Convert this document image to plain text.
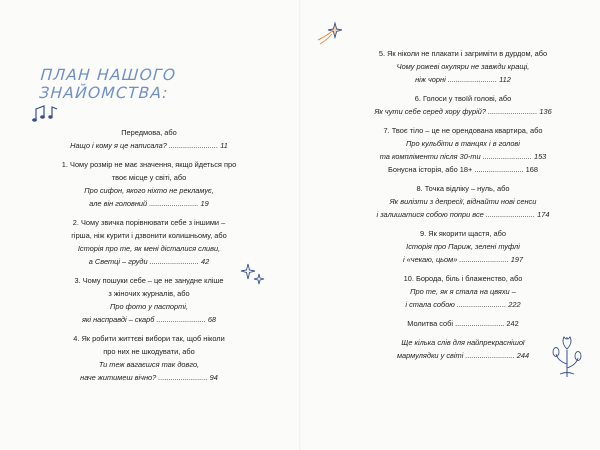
ПЛАН НАШОГО ЗНАЙОМСТВА:
Передмова, або
Нащо і кому я це написала? ........................ 11
1. Чому розмір не має значення, якщо йдеться про
твоє місце у світі, або
Про сифон, якого ніхто не рекламує,
але він головний ........................ 19
2. Чому звичка порівнювати себе з іншими –
гірша, ніж курити і дзвонити колишньому, або
Історія про те, як мені дісталися сливи,
а Светці – груди ........................ 42
3. Чому пошуки себе – це не занудне кліше
з жіночих журналів, або
Про фото у паспорті,
які насправді – скарб ........................ 68
4. Як робити життєві вибори так, щоб ніколи
про них не шкодувати, або
Ти теж вагаєшся так довго,
наче житимеш вічно? ........................ 94
5. Як ніколи не плакати і загриміти в дурдом, або
Чому рожеві окуляри не завжди кращі,
ніж чорні ........................ 112
6. Голоси у твоїй голові, або
Як чути себе серед хору фурій? ........................ 136
7. Твоє тіло – це не орендована квартира, або
Про кульбіти в танцях і в голові
та компліменти після 30-ти ........................ 153
Бонусна історія, або 18+ ........................ 168
8. Точка відліку – нуль, або
Як вилізти з депресії, віднайти нові сенси
і залишатися собою попри все ........................ 174
9. Як якорити щастя, або
Історія про Париж, зелені туфлі
і «чекаю, цьом» ........................ 197
10. Борода, біль і блаженство, або
Про те, як я стала на цвяхи –
і стала собою ........................ 222
Молитва собі ........................ 242
Ще кілька слів для найпрекраснішої
мармулядки у світі ........................ 244
